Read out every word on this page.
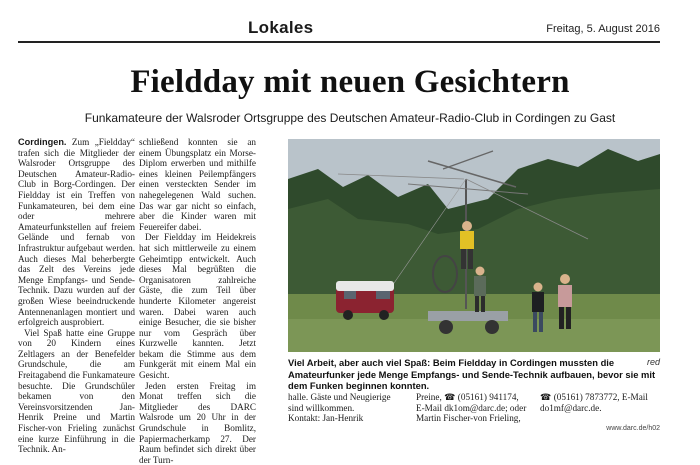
Lokales	Freitag, 5. August 2016
Fieldday mit neuen Gesichtern
Funkamateure der Walsroder Ortsgruppe des Deutschen Amateur-Radio-Club in Cordingen zu Gast

Cordingen. Zum „Fieldday“ trafen sich die Mitglieder der Walsroder Ortsgruppe des Deutschen Amateur-Radio-Club in Borg-Cordingen. Der Fieldday ist ein Treffen von Funkamateuren, bei dem eine oder mehrere Amateurfunkstellen auf freiem Gelände und fernab von Infrastruktur aufgebaut werden. Auch dieses Mal beherbergte das Zelt des Vereins jede Menge Empfangs- und Sende-Technik. Dazu wurden auf der großen Wiese beeindruckende Antennenanlagen montiert und erfolgreich ausprobiert.

Viel Spaß hatte eine Gruppe von 20 Kindern eines Zeltlagers an der Benefelder Grundschule, die am Freitagabend die Funkamateure besuchte. Die Grundschüler bekamen von den Vereinsvorsitzenden Jan-Henrik Preine und Martin Fischer-von Frieling zunächst eine kurze Einführung in die Technik. An-

schließend konnten sie an einem Übungsplatz ein Morse-Diplom erwerben und mithilfe eines kleinen Peilempfängers einen versteckten Sender im nahegelegenen Wald suchen. Das war gar nicht so einfach, aber die Kinder waren mit Feuereifer dabei.

Der Fieldday im Heidekreis hat sich mittlerweile zu einem Geheimtipp entwickelt. Auch dieses Mal begrüßten die Organisatoren zahlreiche Gäste, die zum Teil über hunderte Kilometer angereist waren. Dabei waren auch einige Besucher, die sie bisher nur vom Gespräch über Kurzwelle kannten. Jetzt bekam die Stimme aus dem Funkgerät mit einem Mal ein Gesicht.

Jeden ersten Freitag im Monat treffen sich die Mitglieder des DARC Walsrode um 20 Uhr in der Grundschule in Bomlitz, Papiermacherkamp 27. Der Raum befindet sich direkt über der Turn-

red
Viel Arbeit, aber auch viel Spaß: Beim Fieldday in Cordingen mussten die Amateurfunker jede Menge Empfangs- und Sende-Technik aufbauen, bevor sie mit dem Funken beginnen konnten.
halle. Gäste und Neugierige
sind willkommen.
Kontakt: Jan-Henrik
Preine, ☎ (05161) 941174,
E-Mail dk1om@darc.de; oder
Martin Fischer-von Frieling,
☎ (05161) 7873772, E-Mail
do1mf@darc.de.
www.darc.de/h02
